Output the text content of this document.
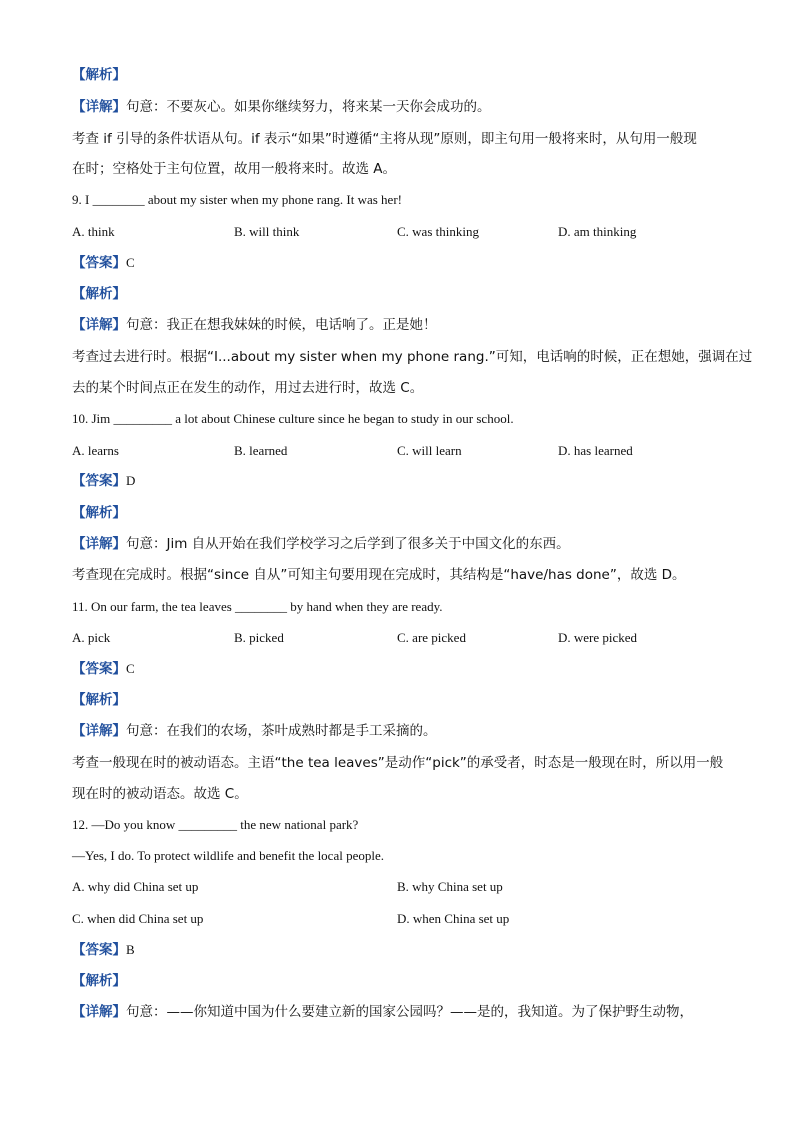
【解析】
【详解】句意：不要灰心。如果你继续努力，将来某一天你会成功的。
考查 if 引导的条件状语从句。if 表示“如果”时遵循“主将从现”原则，即主句用一般将来时，从句用一般现
在时；空格处于主句位置，故用一般将来时。故选 A。
9. I ________ about my sister when my phone rang. It was her!
A. think	B. will think	C. was thinking	D. am thinking
【答案】C
【解析】
【详解】句意：我正在想我妹妹的时候，电话响了。正是她！
考查过去进行时。根据“I...about my sister when my phone rang.”可知，电话响的时候，正在想她，强调在过
去的某个时间点正在发生的动作，用过去进行时，故选 C。
10. Jim _________ a lot about Chinese culture since he began to study in our school.
A. learns	B. learned	C. will learn	D. has learned
【答案】D
【解析】
【详解】句意：Jim 自从开始在我们学校学习之后学到了很多关于中国文化的东西。
考查现在完成时。根据“since 自从”可知主句要用现在完成时，其结构是“have/has done”，故选 D。
11. On our farm, the tea leaves ________ by hand when they are ready.
A. pick	B. picked	C. are picked	D. were picked
【答案】C
【解析】
【详解】句意：在我们的农场，茶叶成熟时都是手工采摘的。
考查一般现在时的被动语态。主语“the tea leaves”是动作“pick”的承受者，时态是一般现在时，所以用一般
现在时的被动语态。故选 C。
12. —Do you know _________ the new national park?
—Yes, I do. To protect wildlife and benefit the local people.
A. why did China set up	B. why China set up
C. when did China set up	D. when China set up
【答案】B
【解析】
【详解】句意：——你知道中国为什么要建立新的国家公园吗？——是的，我知道。为了保护野生动物，
